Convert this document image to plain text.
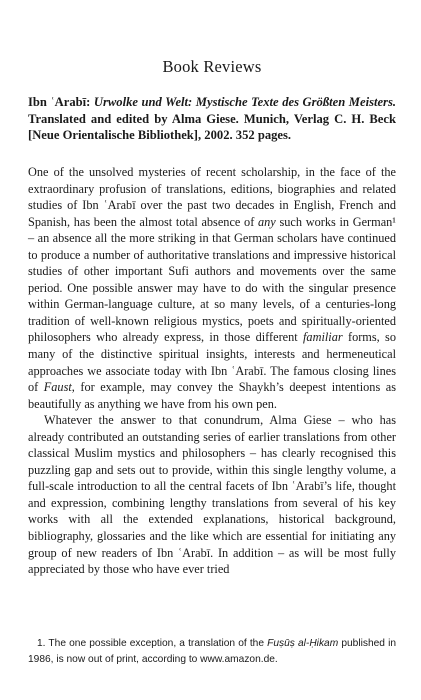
Book Reviews
Ibn ʿArabī: Urwolke und Welt: Mystische Texte des Größten Meisters. Translated and edited by Alma Giese. Munich, Verlag C. H. Beck [Neue Orientalische Bibliothek], 2002. 352 pages.

One of the unsolved mysteries of recent scholarship, in the face of the extraordinary profusion of translations, editions, biographies and related studies of Ibn ʿArabī over the past two decades in English, French and Spanish, has been the almost total absence of any such works in German¹ – an absence all the more striking in that German scholars have continued to produce a number of authoritative translations and impressive historical studies of other important Sufi authors and movements over the same period. One possible answer may have to do with the singular presence within German-language culture, at so many levels, of a centuries-long tradition of well-known religious mystics, poets and spiritually-oriented philosophers who already express, in those different familiar forms, so many of the distinctive spiritual insights, interests and hermeneutical approaches we associate today with Ibn ʿArabī. The famous closing lines of Faust, for example, may convey the Shaykh’s deepest intentions as beautifully as anything we have from his own pen.

Whatever the answer to that conundrum, Alma Giese – who has already contributed an outstanding series of earlier translations from other classical Muslim mystics and philosophers – has clearly recognised this puzzling gap and sets out to provide, within this single lengthy volume, a full-scale introduction to all the central facets of Ibn ʿArabī’s life, thought and expression, combining lengthy translations from several of his key works with all the extended explanations, historical background, bibliography, glossaries and the like which are essential for initiating any group of new readers of Ibn ʿArabī. In addition – as will be most fully appreciated by those who have ever tried

1. The one possible exception, a translation of the Fuṣūṣ al-Ḥikam published in 1986, is now out of print, according to www.amazon.de.
